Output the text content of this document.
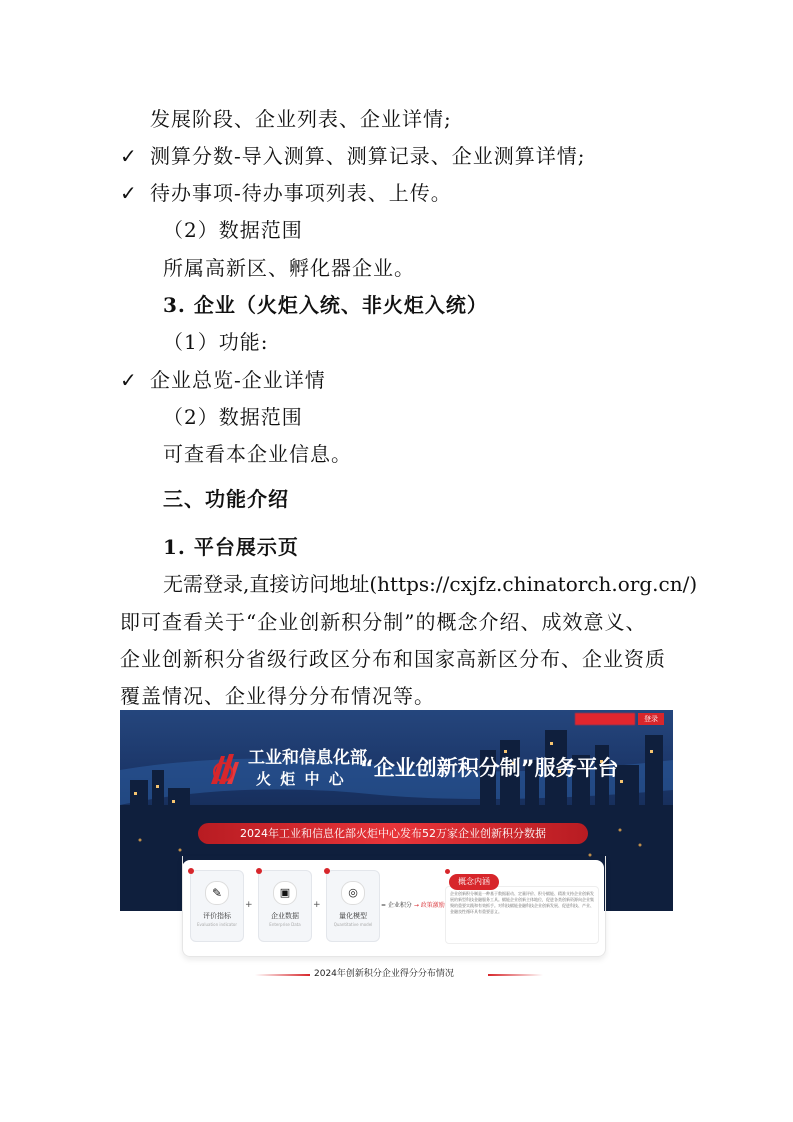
发展阶段、企业列表、企业详情;
✓ 测算分数-导入测算、测算记录、企业测算详情;
✓ 待办事项-待办事项列表、上传。
（2）数据范围
所属高新区、孵化器企业。
3. 企业（火炬入统、非火炬入统）
（1）功能:
✓ 企业总览-企业详情
（2）数据范围
可查看本企业信息。
三、功能介绍
1. 平台展示页
无需登录,直接访问地址(https://cxjfz.chinatorch.org.cn/)
即可查看关于“企业创新积分制”的概念介绍、成效意义、
企业创新积分省级行政区分布和国家高新区分布、企业资质
覆盖情况、企业得分分布情况等。
登录
工业和信息化部
火 炬 中 心 “企业创新积分制”服务平台
2024年工业和信息化部火炬中心发布52万家企业创新积分数据
✎
评价指标
Evaluation indicator
+
▣
企业数据
Enterprise Data
+
◎
量化模型
Quantitative model
= 企业积分 → 政策激励
企业创新积分制是一种基于数据驱动、定量评价、积分赋能、精准支持企业创新发展的新型科技金融服务工具。赋能企业创新主体地位，促进各类创新资源向企业集聚的重要实践和有效抓手。对科技赋能金融科技企业创新发展、促进科技、产业、金融良性循环具有重要意义。
概念内涵
2024年创新积分企业得分分布情况
